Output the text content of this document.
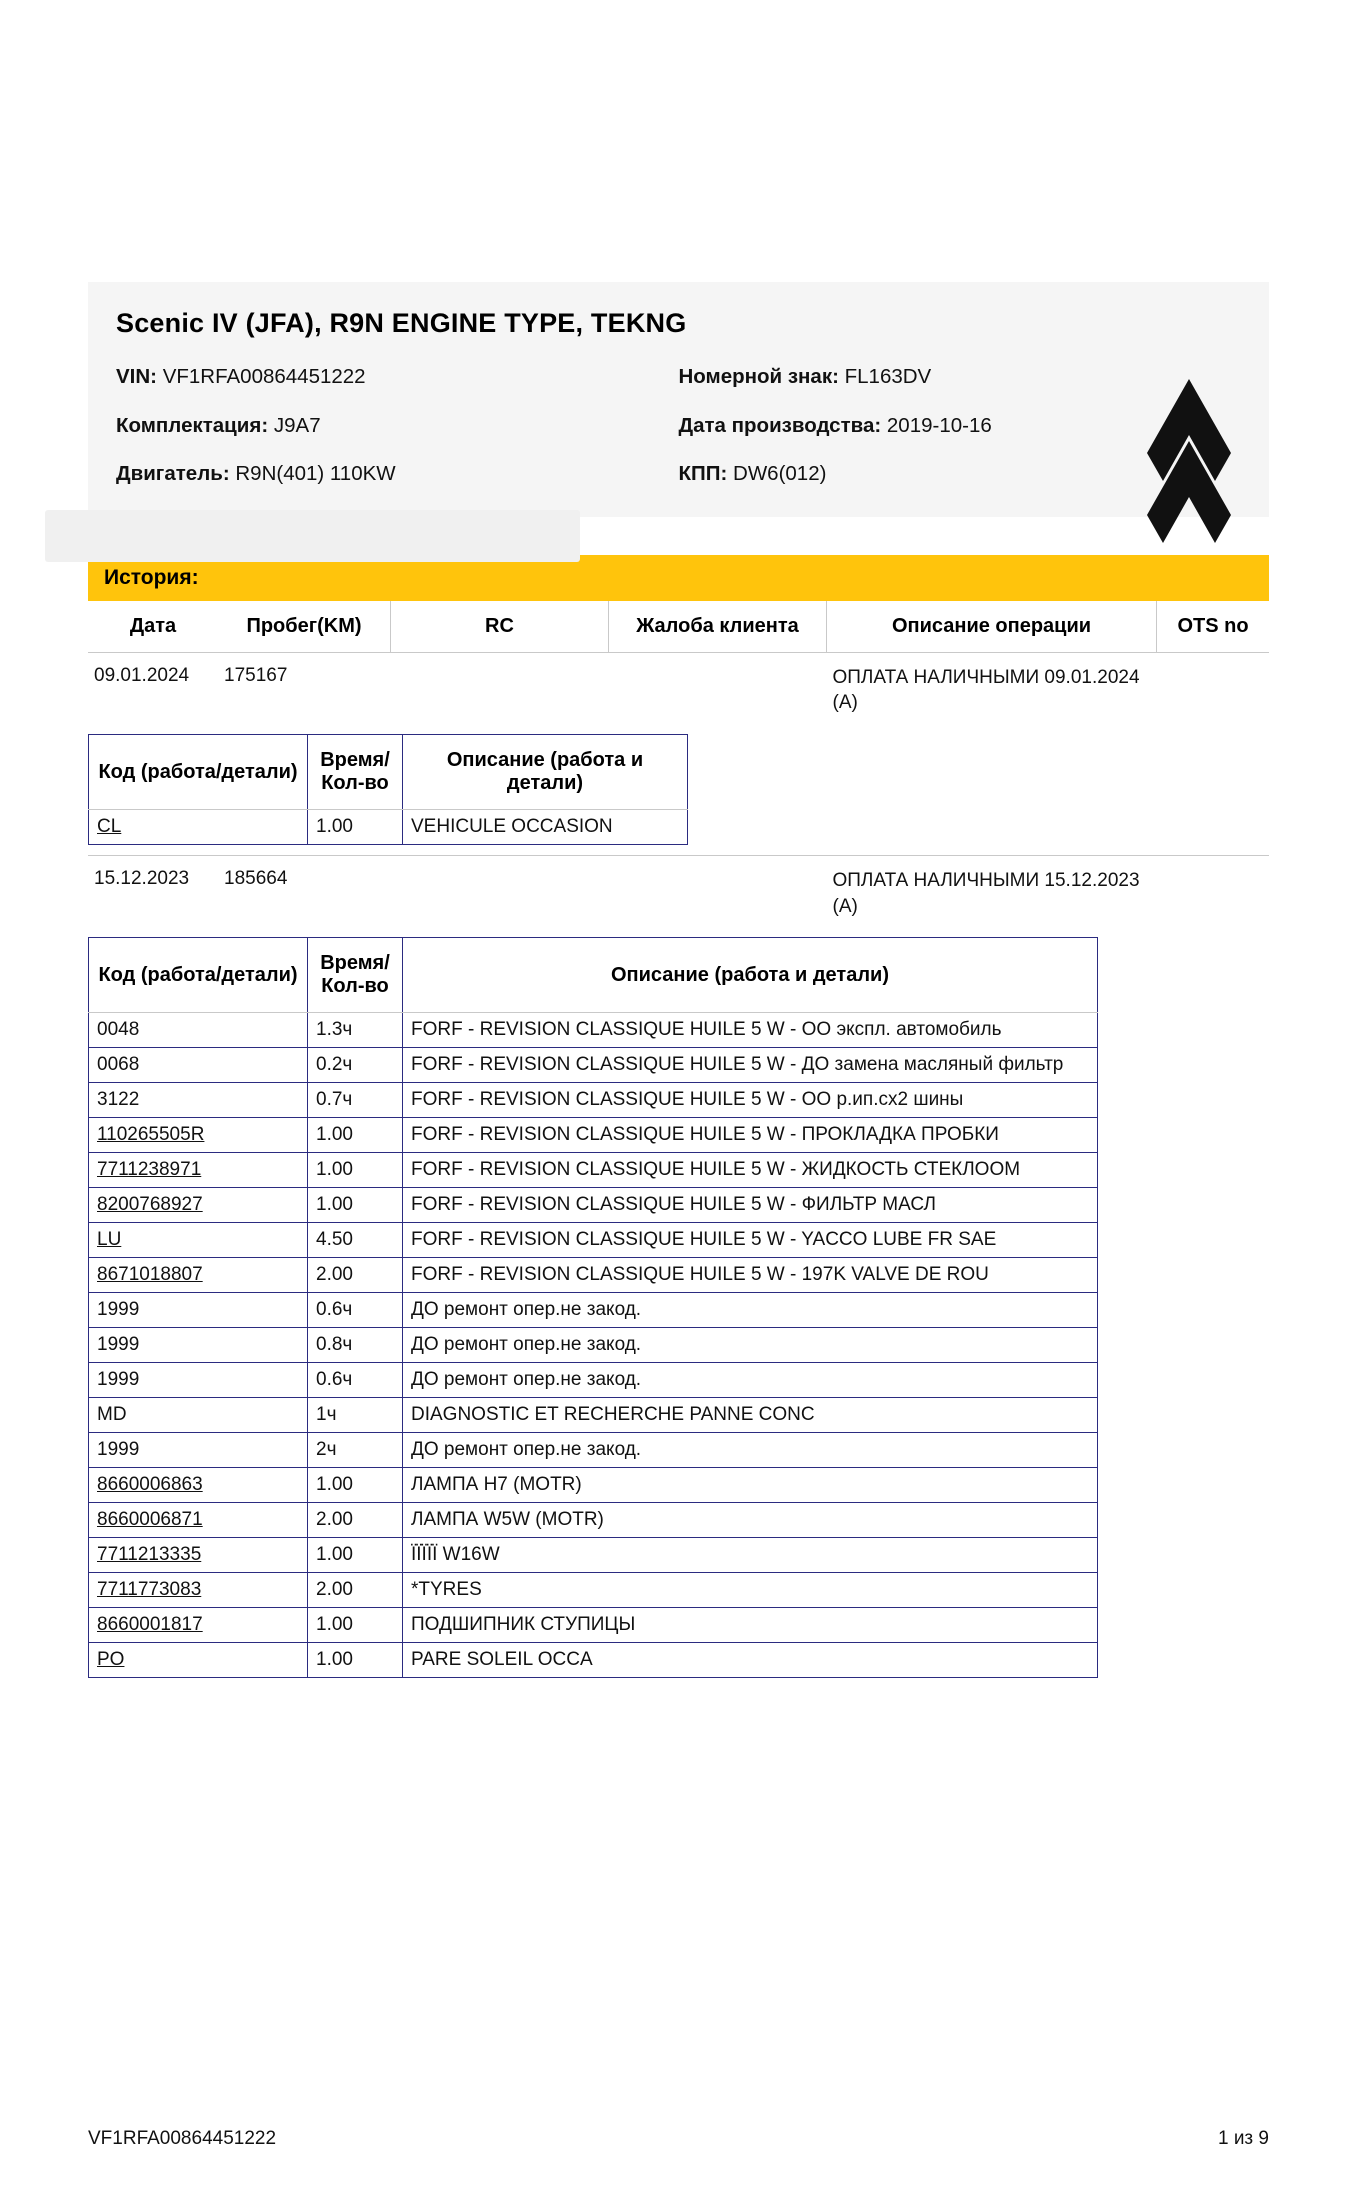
Scenic IV (JFA), R9N ENGINE TYPE, TEKNG
VIN: VF1RFA00864451222	Номерной знак: FL163DV
Комплектация: J9A7	Дата производства: 2019-10-16
Двигатель: R9N(401) 110KW	КПП: DW6(012)
История:
Дата	Пробег(KM)	RC	Жалоба клиента	Описание операции	OTS no
09.01.2024	175167			ОПЛАТА НАЛИЧНЫМИ 09.01.2024 (A)	

Код (работа/детали)	Время/ Кол-во	Описание (работа и детали)
CL	1.00	VEHICULE OCCASION

15.12.2023	185664			ОПЛАТА НАЛИЧНЫМИ 15.12.2023 (A)	

Код (работа/детали)	Время/ Кол-во	Описание (работа и детали)
0048	1.3ч	FORF - REVISION CLASSIQUE HUILE 5 W - OO экспл. автомобиль
0068	0.2ч	FORF - REVISION CLASSIQUE HUILE 5 W - ДО замена масляный фильтр
3122	0.7ч	FORF - REVISION CLASSIQUE HUILE 5 W - OO р.ип.сх2 шины
110265505R	1.00	FORF - REVISION CLASSIQUE HUILE 5 W - ПРОКЛАДКА ПРОБКИ
7711238971	1.00	FORF - REVISION CLASSIQUE HUILE 5 W - ЖИДКОСТЬ СТЕКЛООМ
8200768927	1.00	FORF - REVISION CLASSIQUE HUILE 5 W - ФИЛЬТР МАСЛ
LU	4.50	FORF - REVISION CLASSIQUE HUILE 5 W - YACCO LUBE FR SAE
8671018807	2.00	FORF - REVISION CLASSIQUE HUILE 5 W - 197K VALVE DE ROU
1999	0.6ч	ДО ремонт опер.не закод.
1999	0.8ч	ДО ремонт опер.не закод.
1999	0.6ч	ДО ремонт опер.не закод.
MD	1ч	DIAGNOSTIC ET RECHERCHE PANNE CONC
1999	2ч	ДО ремонт опер.не закод.
8660006863	1.00	ЛАМПА H7 (MOTR)
8660006871	2.00	ЛАМПА W5W (MOTR)
7711213335	1.00	ЇЇЇЇЇ W16W
7711773083	2.00	*TYRES
8660001817	1.00	ПОДШИПНИК СТУПИЦЫ
PO	1.00	PARE SOLEIL OCCA
VF1RFA00864451222	1 из 9
